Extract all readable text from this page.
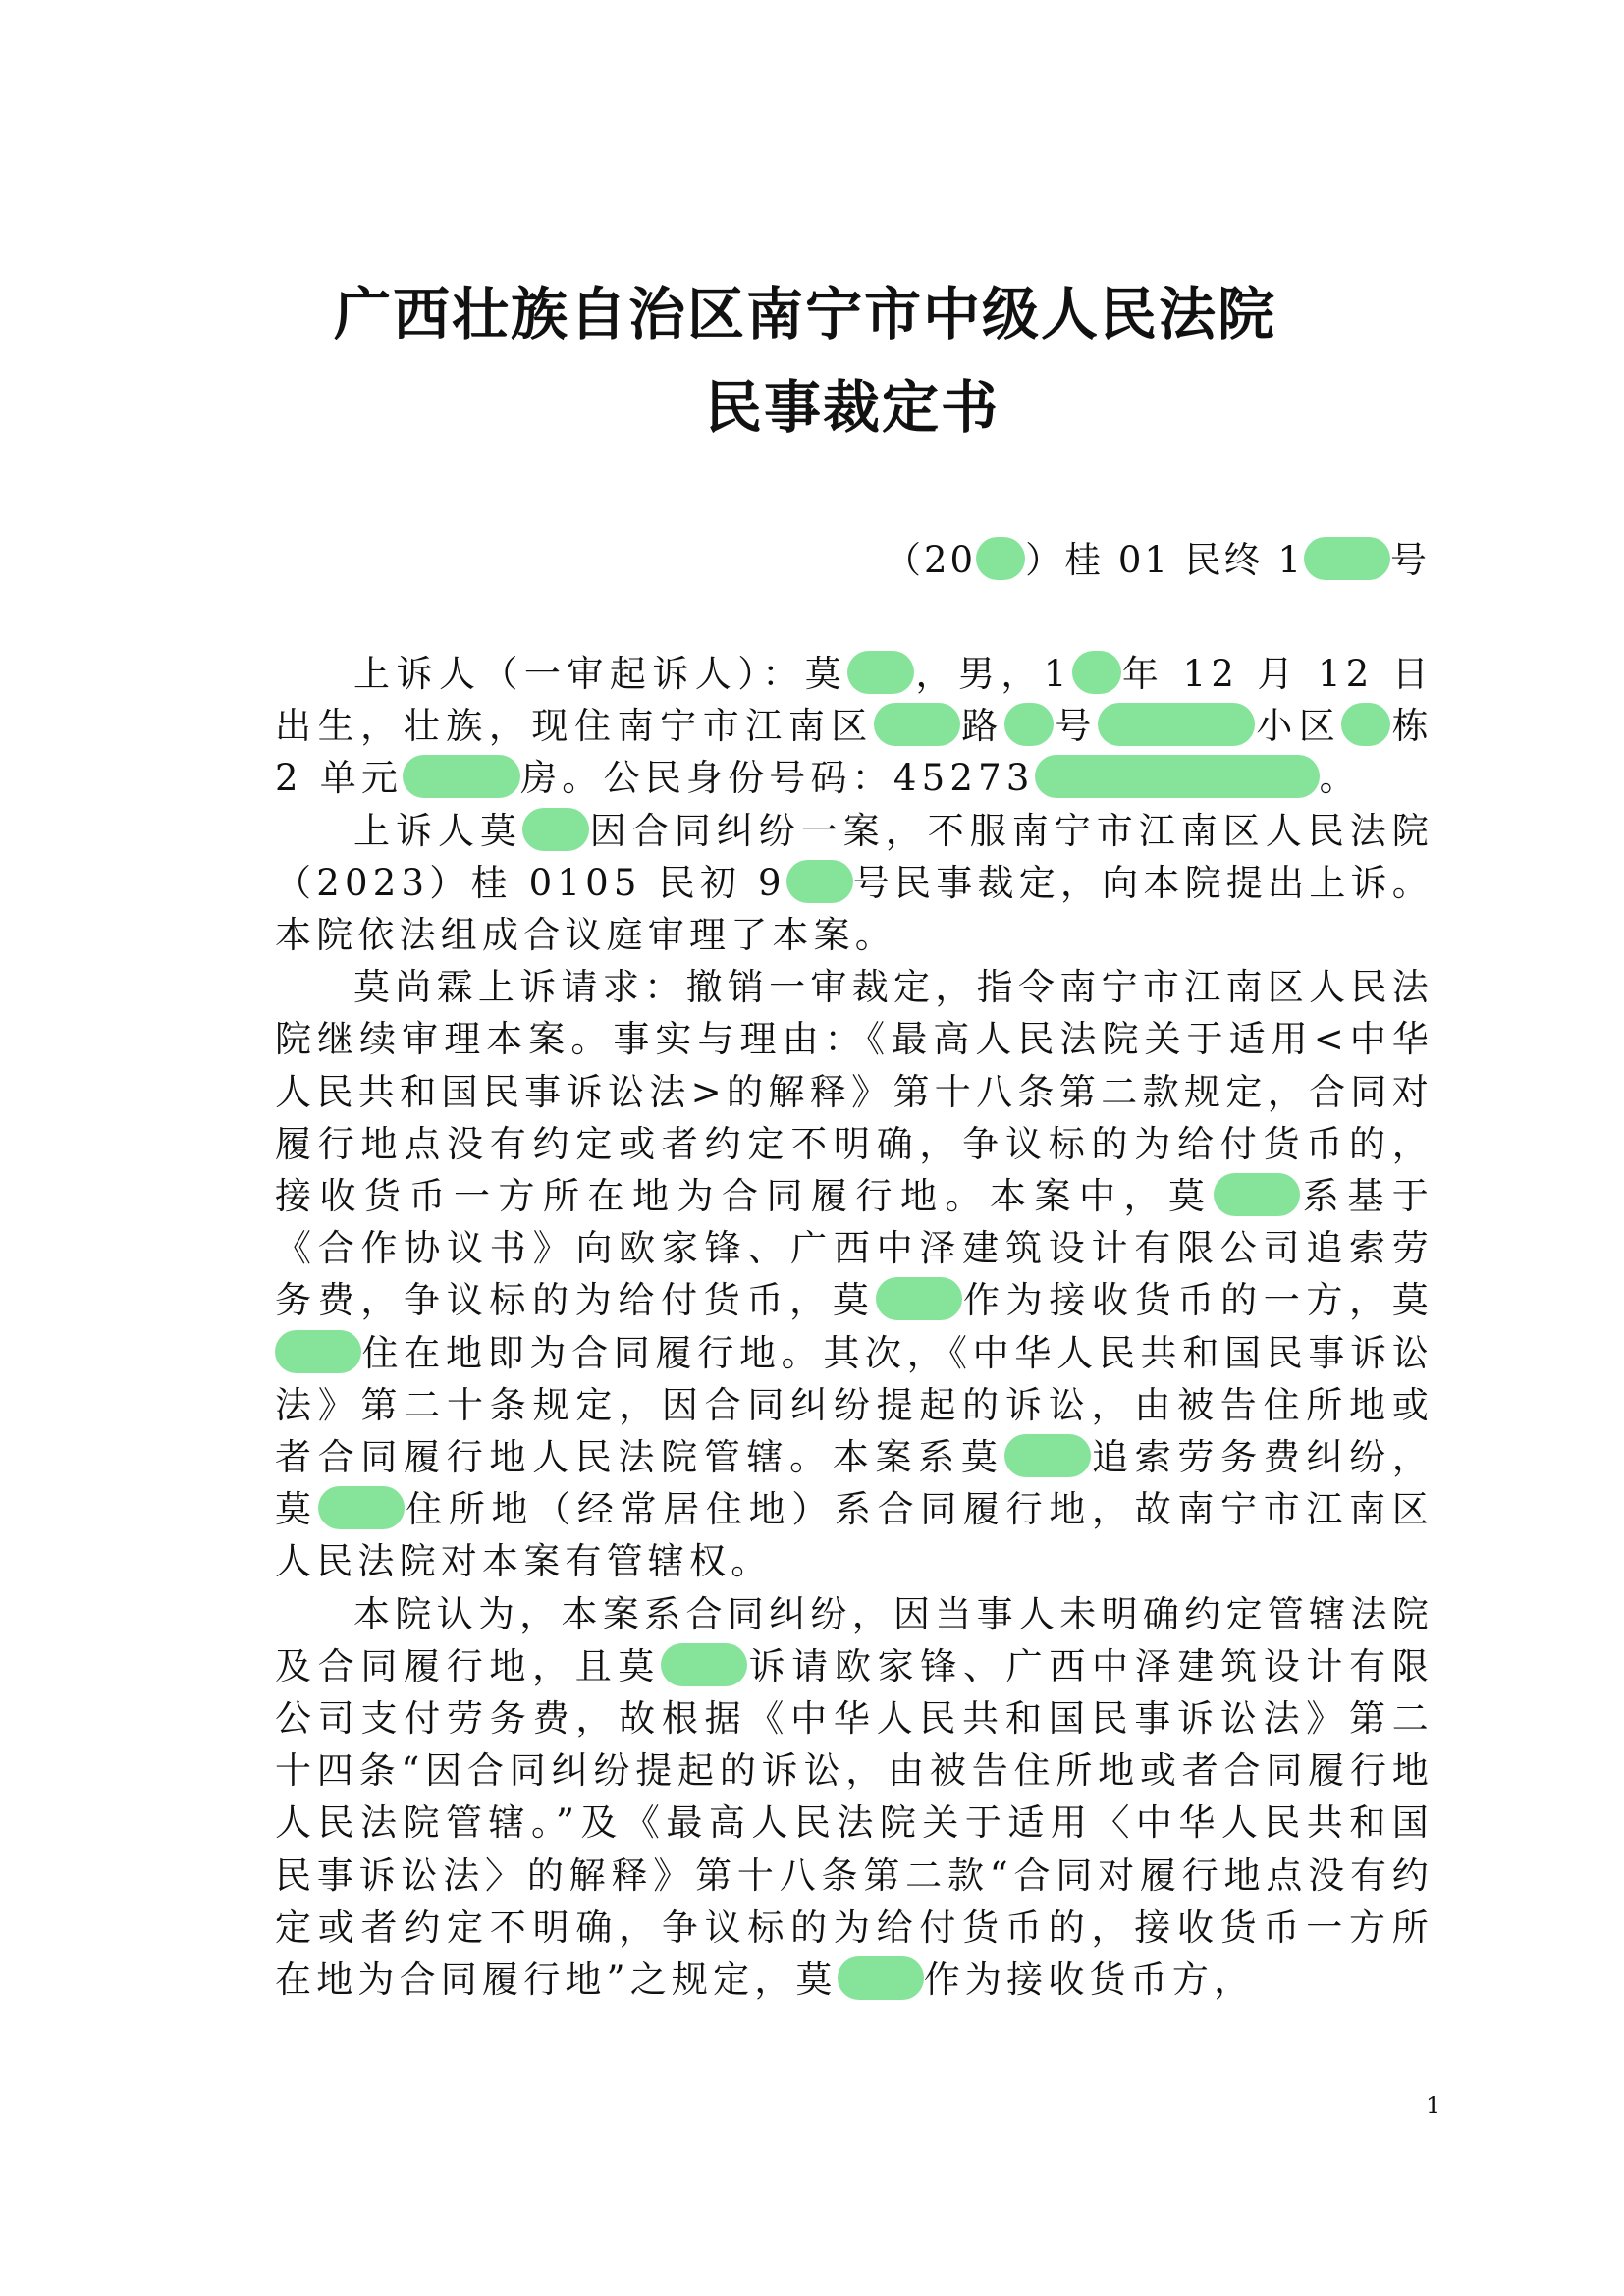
广西壮族自治区南宁市中级人民法院
民事裁定书
（20 ）桂 01 民终 1 号

上诉人（一审起诉人）：莫 ，男，1 年 12 月 12 日出生，壮族，现住南宁市江南区 路 号	小区 栋 2 单元	房。公民身份号码：45273	。

上诉人莫 因合同纠纷一案，不服南宁市江南区人民法院（2023）桂 0105 民初 9 号民事裁定，向本院提出上诉。本院依法组成合议庭审理了本案。

莫尚霖上诉请求：撤销一审裁定，指令南宁市江南区人民法院继续审理本案。事实与理由：《最高人民法院关于适用<中华人民共和国民事诉讼法>的解释》第十八条第二款规定，合同对履行地点没有约定或者约定不明确，争议标的为给付货币的，接收货币一方所在地为合同履行地。本案中，莫 系基于《合作协议书》向欧家锋、广西中泽建筑设计有限公司追索劳务费，争议标的为给付货币，莫 作为接收货币的一方，莫住在地即为合同履行地。其次，《中华人民共和国民事诉讼法》第二十条规定，因合同纠纷提起的诉讼，由被告住所地或者合同履行地人民法院管辖。本案系莫 追索劳务费纠纷，莫 住所地（经常居住地）系合同履行地，故南宁市江南区人民法院对本案有管辖权。

本院认为，本案系合同纠纷，因当事人未明确约定管辖法院及合同履行地，且莫 诉请欧家锋、广西中泽建筑设计有限公司支付劳务费，故根据《中华人民共和国民事诉讼法》第二十四条“因合同纠纷提起的诉讼，由被告住所地或者合同履行地人民法院管辖。”及《最高人民法院关于适用〈中华人民共和国民事诉讼法〉的解释》第十八条第二款“合同对履行地点没有约定或者约定不明确，争议标的为给付货币的，接收货币一方所在地为合同履行地”之规定，莫 作为接收货币方，

1
